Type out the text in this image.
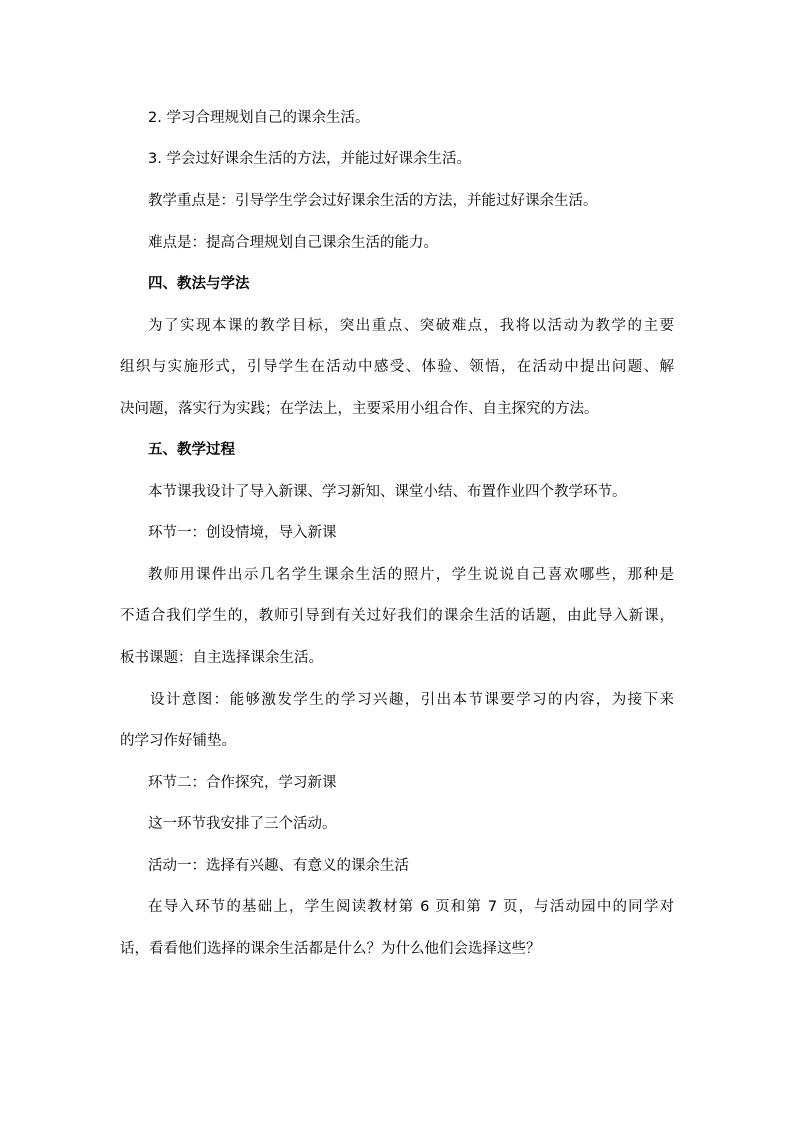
2. 学习合理规划自己的课余生活。
3. 学会过好课余生活的方法，并能过好课余生活。
教学重点是：引导学生学会过好课余生活的方法，并能过好课余生活。
难点是：提高合理规划自己课余生活的能力。
四、教法与学法
为了实现本课的教学目标，突出重点、突破难点，我将以活动为教学的主要
组织与实施形式，引导学生在活动中感受、体验、领悟，在活动中提出问题、解
决问题，落实行为实践；在学法上，主要采用小组合作、自主探究的方法。
五、教学过程
本节课我设计了导入新课、学习新知、课堂小结、布置作业四个教学环节。
环节一：创设情境，导入新课
教师用课件出示几名学生课余生活的照片，学生说说自己喜欢哪些，那种是
不适合我们学生的，教师引导到有关过好我们的课余生活的话题，由此导入新课，
板书课题：自主选择课余生活。
设计意图：能够激发学生的学习兴趣，引出本节课要学习的内容，为接下来
的学习作好铺垫。
环节二：合作探究，学习新课
这一环节我安排了三个活动。
活动一：选择有兴趣、有意义的课余生活
在导入环节的基础上，学生阅读教材第 6 页和第 7 页，与活动园中的同学对
话，看看他们选择的课余生活都是什么？为什么他们会选择这些？
